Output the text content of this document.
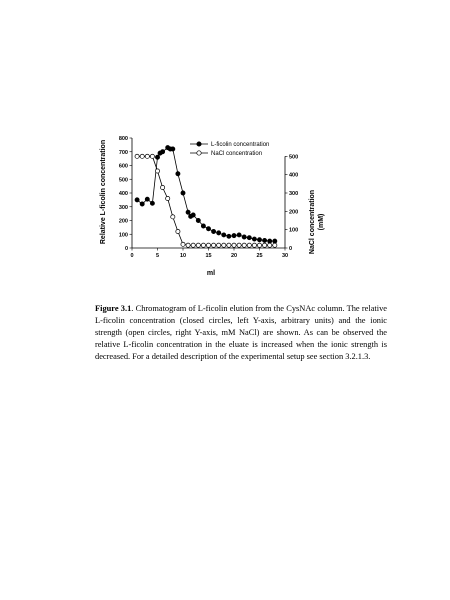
0
100
200
300
400
500
600
700
800
0
100
200
300
400
500
0	5	10	15	20	25	30
L-ficolin concentration
NaCl concentration
ml
Relative L-ficolin concentration	NaCl concentration (mM)

Figure 3.1. Chromatogram of L-ficolin elution from the CysNAc column. The relative L-ficolin concentration (closed circles, left Y-axis, arbitrary units) and the ionic strength (open circles, right Y-axis, mM NaCl) are shown. As can be observed the relative L-ficolin concentration in the eluate is increased when the ionic strength is decreased. For a detailed description of the experimental setup see section 3.2.1.3.
